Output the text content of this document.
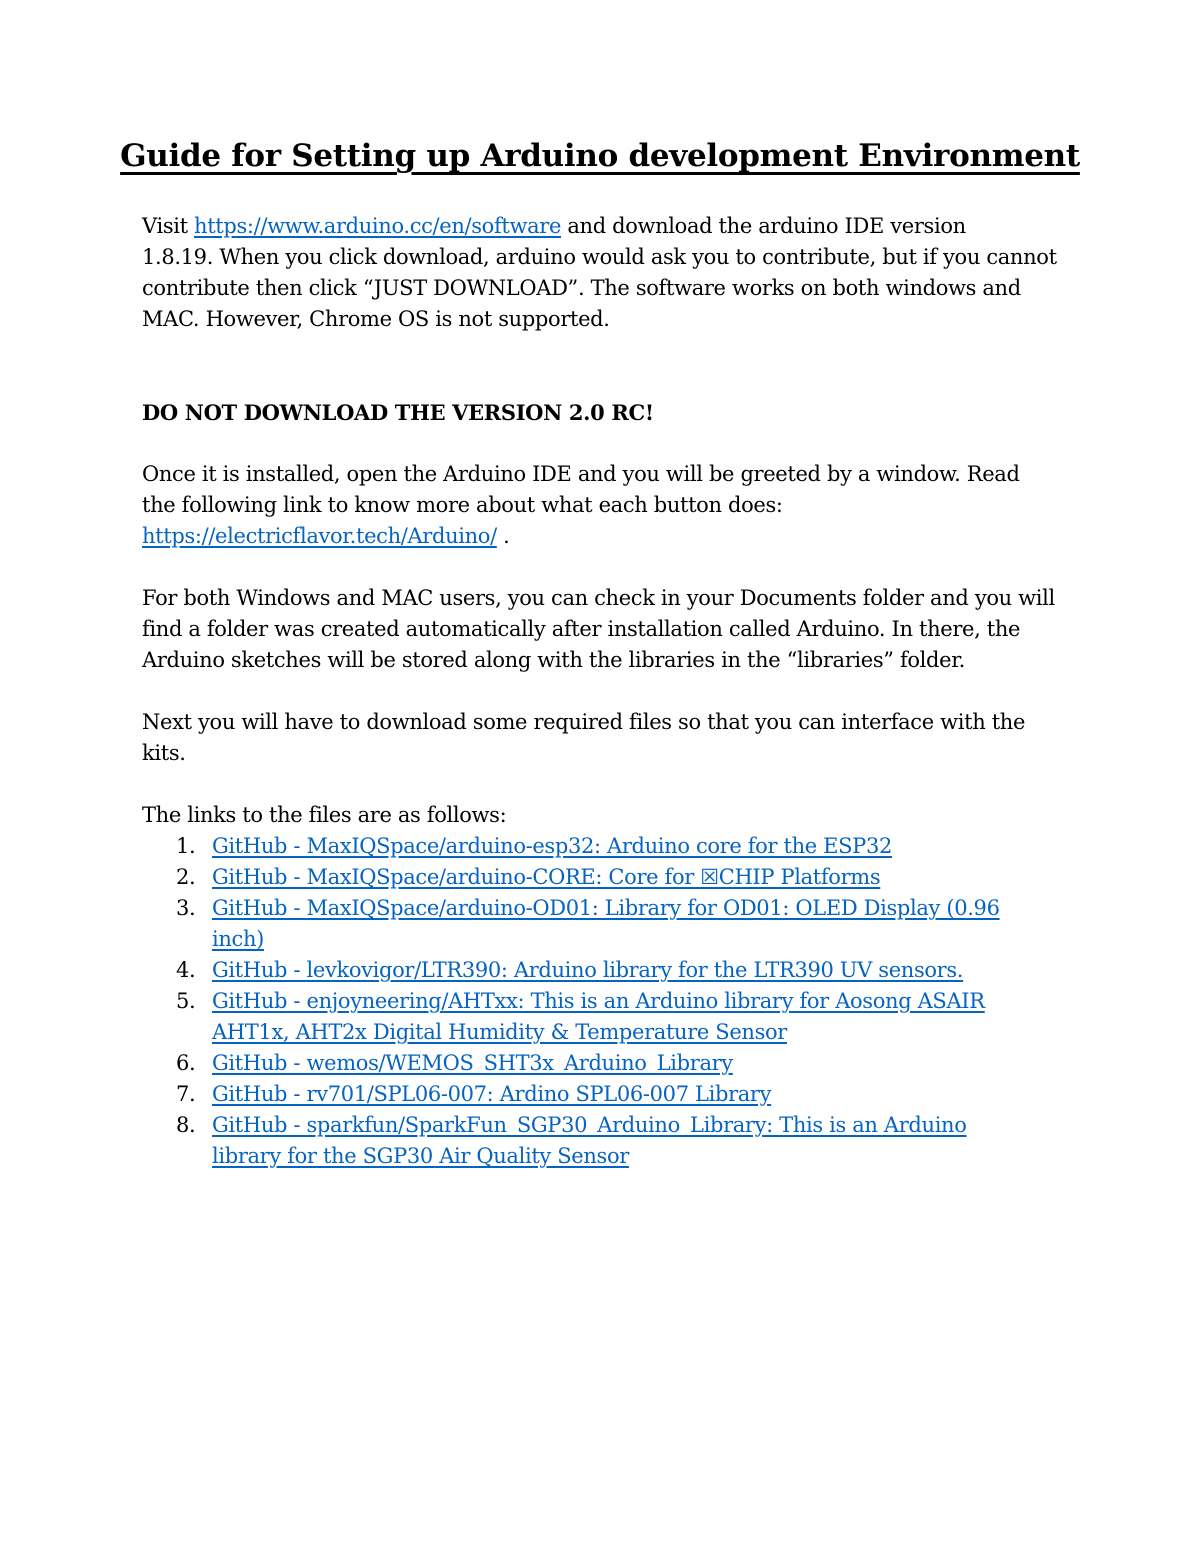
Guide for Setting up Arduino development Environment

Visit https://www.arduino.cc/en/software and download the arduino IDE version
1.8.19. When you click download, arduino would ask you to contribute, but if you cannot
contribute then click “JUST DOWNLOAD”. The software works on both windows and
MAC. However, Chrome OS is not supported.

DO NOT DOWNLOAD THE VERSION 2.0 RC!

Once it is installed, open the Arduino IDE and you will be greeted by a window. Read
the following link to know more about what each button does:
https://electricflavor.tech/Arduino/ .

For both Windows and MAC users, you can check in your Documents folder and you will
find a folder was created automatically after installation called Arduino. In there, the
Arduino sketches will be stored along with the libraries in the “libraries” folder.

Next you will have to download some required files so that you can interface with the
kits.

The links to the files are as follows:

1. GitHub - MaxIQSpace/arduino-esp32: Arduino core for the ESP32
2. GitHub - MaxIQSpace/arduino-CORE: Core for ☒CHIP Platforms
3. GitHub - MaxIQSpace/arduino-OD01: Library for OD01: OLED Display (0.96
inch)
4. GitHub - levkovigor/LTR390: Arduino library for the LTR390 UV sensors.
5. GitHub - enjoyneering/AHTxx: This is an Arduino library for Aosong ASAIR
AHT1x, AHT2x Digital Humidity & Temperature Sensor
6. GitHub - wemos/WEMOS_SHT3x_Arduino_Library
7. GitHub - rv701/SPL06-007: Ardino SPL06-007 Library
8. GitHub - sparkfun/SparkFun_SGP30_Arduino_Library: This is an Arduino
library for the SGP30 Air Quality Sensor
